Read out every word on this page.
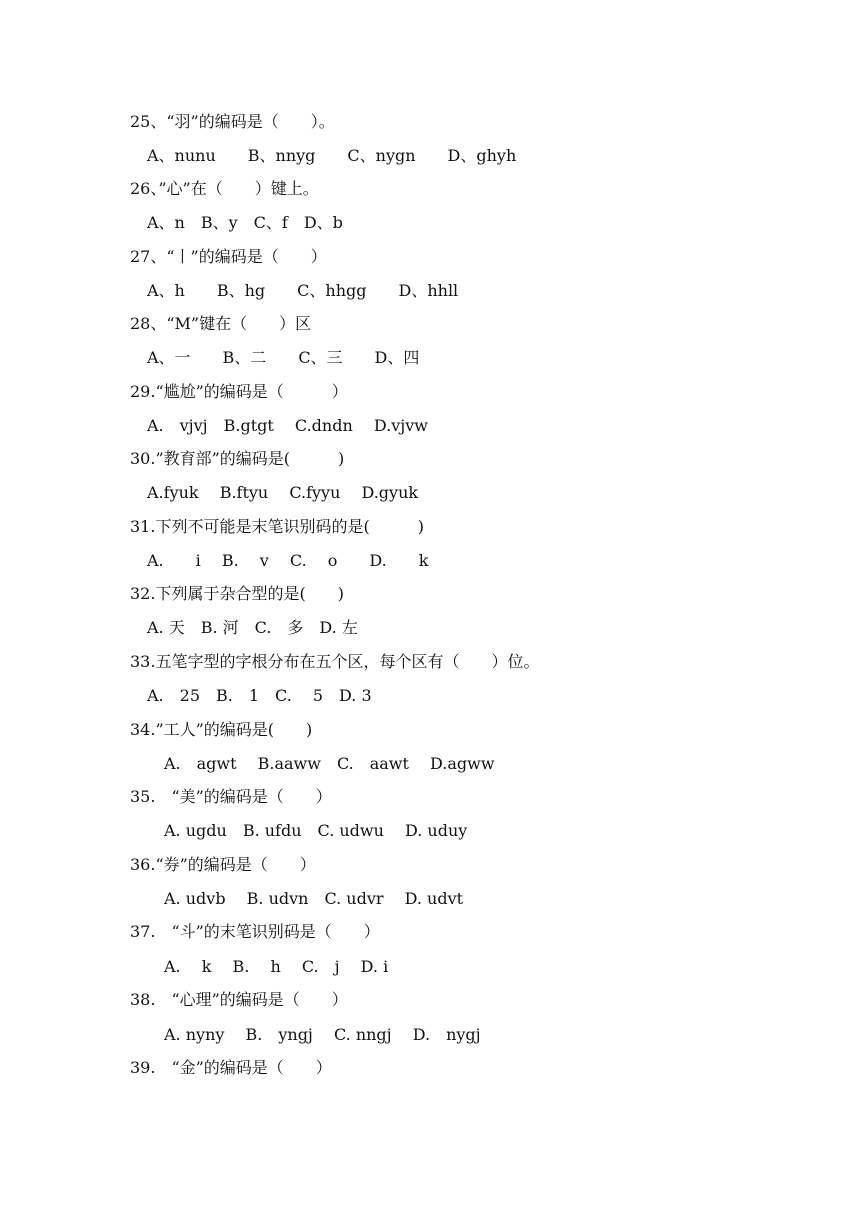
25、“羽”的编码是（　　）。
A、nunu　　B、nnyg　　C、nygn　　D、ghyh
26、”心”在（　　）键上。
A、n　B、y　C、f　D、b
27、“丨”的编码是（　　）
A、h　　B、hg　　C、hhgg　　D、hhll
28、“M”键在（　　）区
A、一　　B、二　　C、三　　D、四
29.“尴尬”的编码是（　　　）
A.　vjvj　B.gtgt　 C.dndn　 D.vjvw
30.”教育部”的编码是(　　　)
A.fyuk　 B.ftyu　 C.fyyu　 D.gyuk
31.下列不可能是末笔识别码的是(　　　)
A.　　i　 B.　 v　 C.　 o　　D.　　k
32.下列属于杂合型的是(　　)
A. 天　B. 河　C.　多　D. 左
33.五笔字型的字根分布在五个区，每个区有（　　）位。
A.　25　B.　1　C.　 5　D. 3
34.”工人”的编码是(　　)
A.　agwt　 B.aaww　C.　aawt　 D.agww
35.　“美”的编码是（　　）
A. ugdu　B. ufdu　C. udwu　 D. uduy
36.“券”的编码是（　　）
A. udvb　 B. udvn　C. udvr　 D. udvt
37.　“斗”的末笔识别码是（　　）
A.　 k　 B.　 h　 C.　j　 D. i
38.　“心理”的编码是（　　）
A. nyny　 B.　yngj　 C. nngj　 D.　nygj
39.　“金”的编码是（　　）
